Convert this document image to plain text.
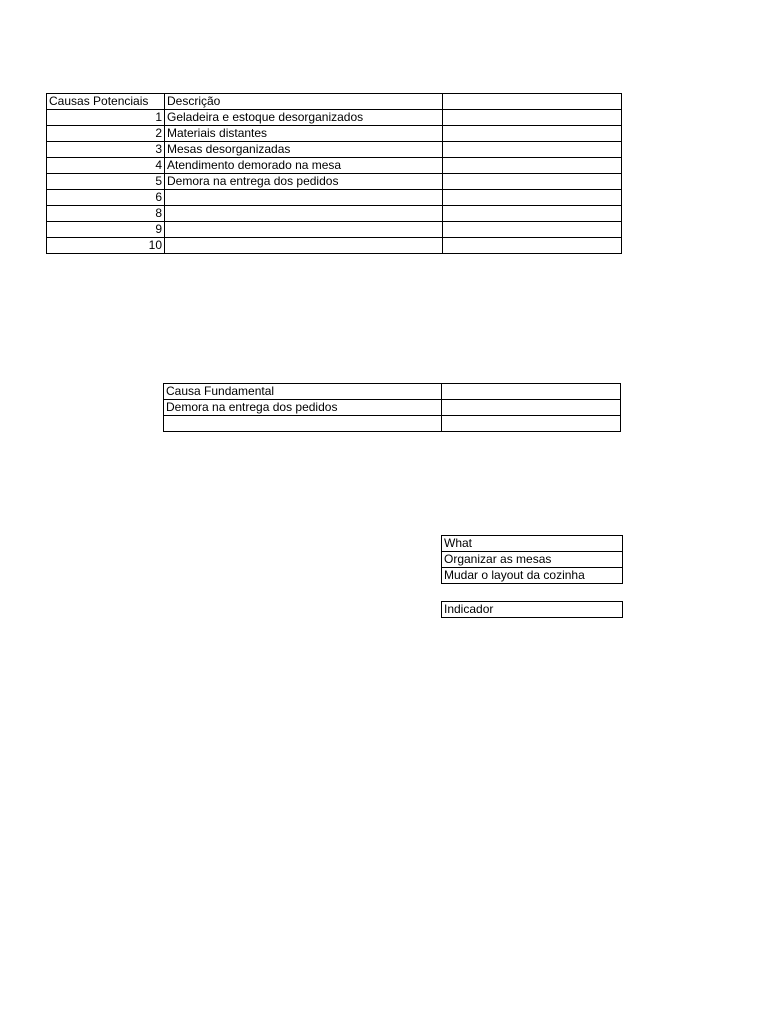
Causas Potenciais	Descrição	
1	Geladeira e estoque desorganizados	
2	Materiais distantes	
3	Mesas desorganizadas	
4	Atendimento demorado na mesa	
5	Demora na entrega dos pedidos	
6		
8		
9		
10		
Causa Fundamental	
Demora na entrega dos pedidos	

What
Organizar as mesas
Mudar o layout da cozinha
Indicador
